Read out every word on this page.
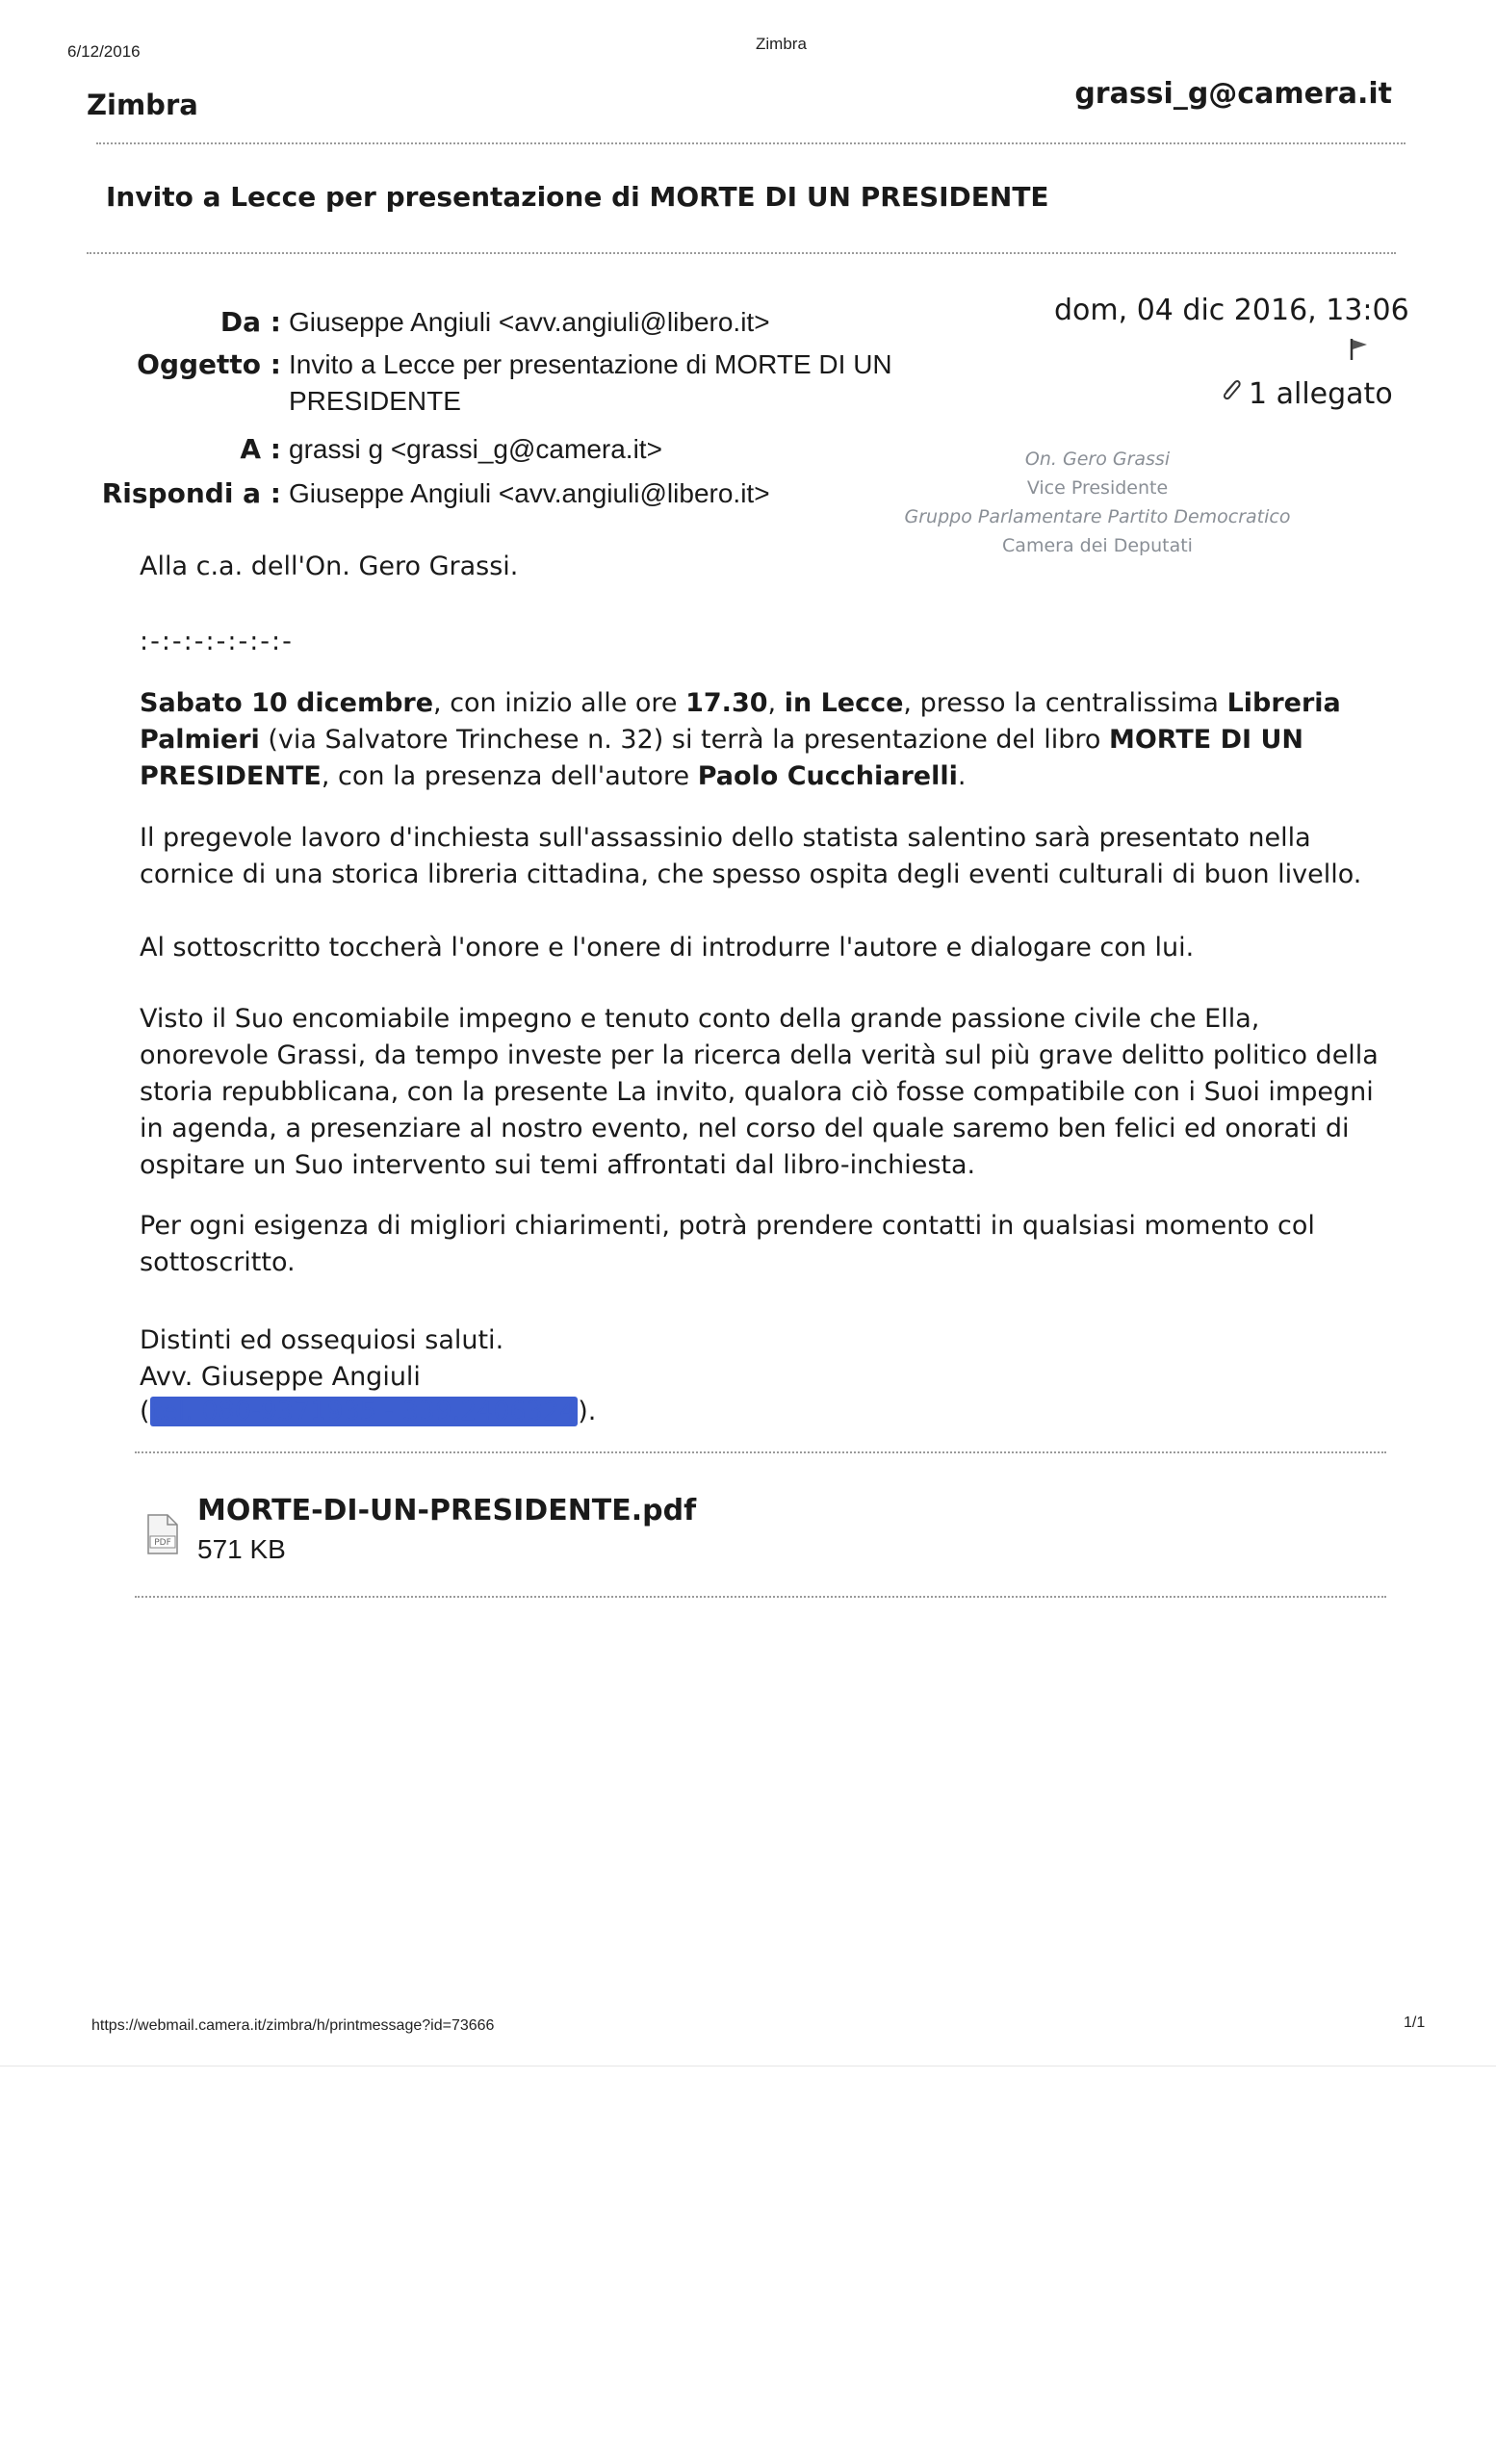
6/12/2016	Zimbra
Zimbra	grassi_g@camera.it
Invito a Lecce per presentazione di MORTE DI UN PRESIDENTE
Da : Giuseppe Angiuli <avv.angiuli@libero.it>
Oggetto : Invito a Lecce per presentazione di MORTE DI UN PRESIDENTE
A : grassi g <grassi_g@camera.it>
Rispondi a : Giuseppe Angiuli <avv.angiuli@libero.it>
dom, 04 dic 2016, 13:06
1 allegato
On. Gero Grassi
Vice Presidente
Gruppo Parlamentare Partito Democratico
Camera dei Deputati
Alla c.a. dell'On. Gero Grassi.
:-:-:-:-:-:-:-
Sabato 10 dicembre, con inizio alle ore 17.30, in Lecce, presso la centralissima Libreria Palmieri (via Salvatore Trinchese n. 32) si terrà la presentazione del libro MORTE DI UN PRESIDENTE, con la presenza dell'autore Paolo Cucchiarelli.
Il pregevole lavoro d'inchiesta sull'assassinio dello statista salentino sarà presentato nella cornice di una storica libreria cittadina, che spesso ospita degli eventi culturali di buon livello.
Al sottoscritto toccherà l'onore e l'onere di introdurre l'autore e dialogare con lui.
Visto il Suo encomiabile impegno e tenuto conto della grande passione civile che Ella, onorevole Grassi, da tempo investe per la ricerca della verità sul più grave delitto politico della storia repubblicana, con la presente La invito, qualora ciò fosse compatibile con i Suoi impegni in agenda, a presenziare al nostro evento, nel corso del quale saremo ben felici ed onorati di ospitare un Suo intervento sui temi affrontati dal libro-inchiesta.
Per ogni esigenza di migliori chiarimenti, potrà prendere contatti in qualsiasi momento col sottoscritto.
Distinti ed ossequiosi saluti.
Avv. Giuseppe Angiuli
(tel. 080-9371935 - 339.2406324).
PDF
MORTE-DI-UN-PRESIDENTE.pdf
571 KB
https://webmail.camera.it/zimbra/h/printmessage?id=73666	1/1
